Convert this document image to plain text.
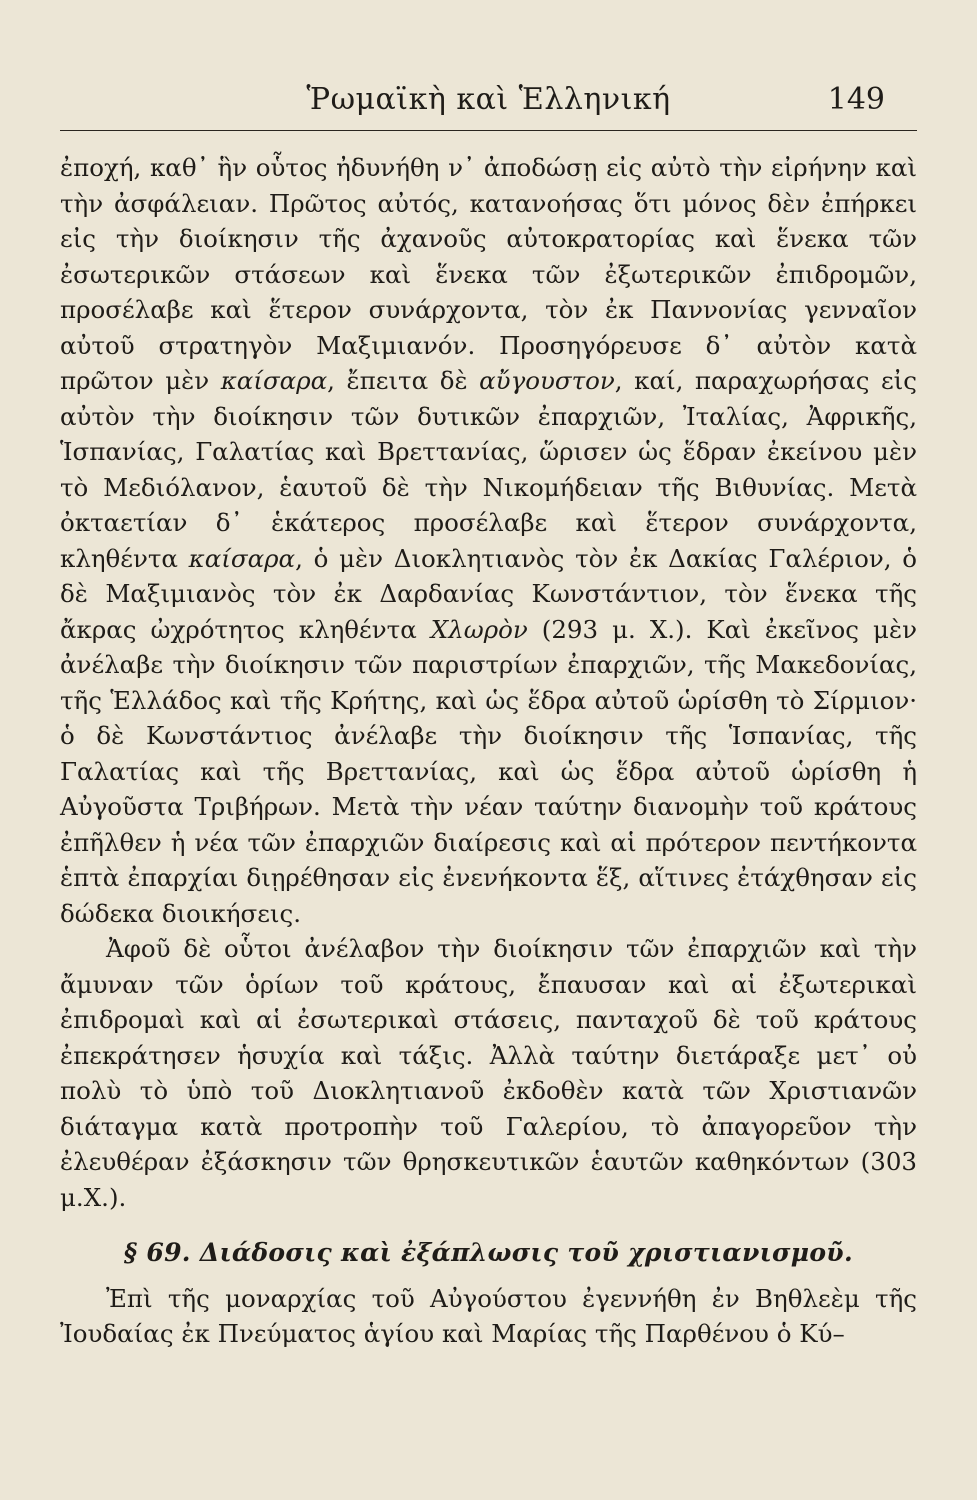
Ῥωμαϊκὴ καὶ Ἑλληνική	149

ἐποχή, καθ᾽ ἣν οὗτος ἠδυνήθη ν᾽ ἀποδώσῃ εἰς αὐτὸ τὴν εἰρήνην καὶ τὴν ἀσφάλειαν. Πρῶτος αὐτός, κατανοήσας ὅτι μόνος δὲν ἐπήρκει εἰς τὴν διοίκησιν τῆς ἀχανοῦς αὐτοκρατορίας καὶ ἕνεκα τῶν ἐσωτερικῶν στάσεων καὶ ἕνεκα τῶν ἐξωτερικῶν ἐπιδρομῶν, προσέλαβε καὶ ἕτερον συνάρχοντα, τὸν ἐκ Παννονίας γενναῖον αὐτοῦ στρατηγὸν Μαξιμιανόν. Προσηγόρευσε δ᾽ αὐτὸν κατὰ πρῶτον μὲν καίσαρα, ἔπειτα δὲ αὔγουστον, καί, παραχωρήσας εἰς αὐτὸν τὴν διοίκησιν τῶν δυτικῶν ἐπαρχιῶν, Ἰταλίας, Ἀφρικῆς, Ἱσπανίας, Γαλατίας καὶ Βρεττανίας, ὥρισεν ὡς ἕδραν ἐκείνου μὲν τὸ Μεδιόλανον, ἑαυτοῦ δὲ τὴν Νικομήδειαν τῆς Βιθυνίας. Μετὰ ὀκταετίαν δ᾽ ἑκάτερος προσέλαβε καὶ ἕτερον συνάρχοντα, κληθέντα καίσαρα, ὁ μὲν Διοκλητιανὸς τὸν ἐκ Δακίας Γαλέριον, ὁ δὲ Μαξιμιανὸς τὸν ἐκ Δαρδανίας Κωνστάντιον, τὸν ἕνεκα τῆς ἄκρας ὠχρότητος κληθέντα Χλωρὸν (293 μ. Χ.). Καὶ ἐκεῖνος μὲν ἀνέλαβε τὴν διοίκησιν τῶν παριστρίων ἐπαρχιῶν, τῆς Μακεδονίας, τῆς Ἑλλάδος καὶ τῆς Κρήτης, καὶ ὡς ἕδρα αὐτοῦ ὡρίσθη τὸ Σίρμιον· ὁ δὲ Κωνστάντιος ἀνέλαβε τὴν διοίκησιν τῆς Ἱσπανίας, τῆς Γαλατίας καὶ τῆς Βρεττανίας, καὶ ὡς ἕδρα αὐτοῦ ὡρίσθη ἡ Αὐγοῦστα Τριβήρων. Μετὰ τὴν νέαν ταύτην διανομὴν τοῦ κράτους ἐπῆλθεν ἡ νέα τῶν ἐπαρχιῶν διαίρεσις καὶ αἱ πρότερον πεντήκοντα ἑπτὰ ἐπαρχίαι διῃρέθησαν εἰς ἐνενήκοντα ἕξ, αἵτινες ἐτάχθησαν εἰς δώδεκα διοικήσεις.

Ἀφοῦ δὲ οὗτοι ἀνέλαβον τὴν διοίκησιν τῶν ἐπαρχιῶν καὶ τὴν ἄμυναν τῶν ὁρίων τοῦ κράτους, ἔπαυσαν καὶ αἱ ἐξωτερικαὶ ἐπιδρομαὶ καὶ αἱ ἐσωτερικαὶ στάσεις, πανταχοῦ δὲ τοῦ κράτους ἐπεκράτησεν ἡσυχία καὶ τάξις. Ἀλλὰ ταύτην διετάραξε μετ᾽ οὐ πολὺ τὸ ὑπὸ τοῦ Διοκλητιανοῦ ἐκδοθὲν κατὰ τῶν Χριστιανῶν διάταγμα κατὰ προτροπὴν τοῦ Γαλερίου, τὸ ἀπαγορεῦον τὴν ἐλευθέραν ἐξάσκησιν τῶν θρησκευτικῶν ἑαυτῶν καθηκόντων (303 μ.Χ.).

§ 69. Διάδοσις καὶ ἐξάπλωσις τοῦ χριστιανισμοῦ.

Ἐπὶ τῆς μοναρχίας τοῦ Αὐγούστου ἐγεννήθη ἐν Βηθλεὲμ τῆς Ἰουδαίας ἐκ Πνεύματος ἁγίου καὶ Μαρίας τῆς Παρθένου ὁ Κύ–
